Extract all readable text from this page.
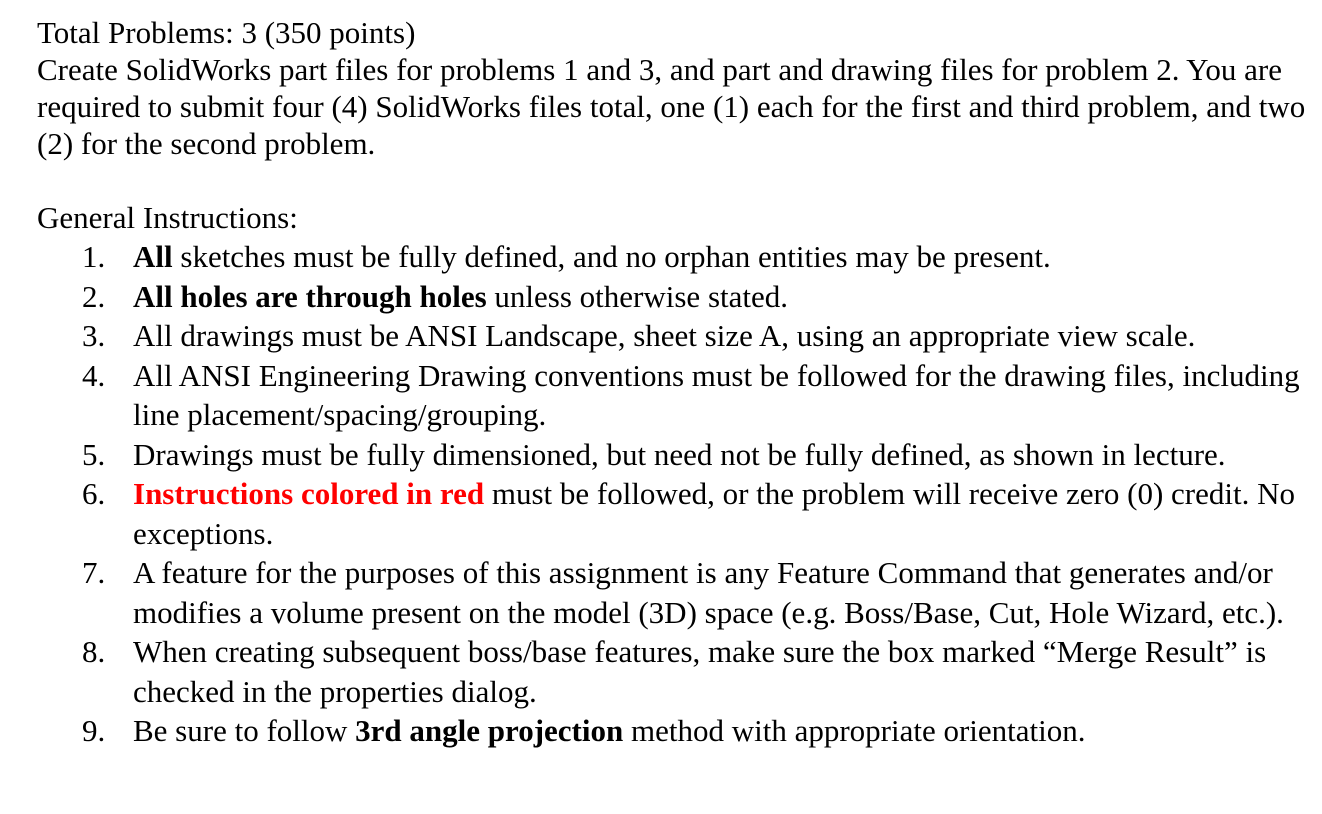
Total Problems: 3 (350 points)

Create SolidWorks part files for problems 1 and 3, and part and drawing files for problem 2. You are required to submit four (4) SolidWorks files total, one (1) each for the first and third problem, and two (2) for the second problem.

General Instructions:

1. All sketches must be fully defined, and no orphan entities may be present.
2. All holes are through holes unless otherwise stated.
3. All drawings must be ANSI Landscape, sheet size A, using an appropriate view scale.
4. All ANSI Engineering Drawing conventions must be followed for the drawing files, including line placement/spacing/grouping.
5. Drawings must be fully dimensioned, but need not be fully defined, as shown in lecture.
6. Instructions colored in red must be followed, or the problem will receive zero (0) credit. No exceptions.
7. A feature for the purposes of this assignment is any Feature Command that generates and/or modifies a volume present on the model (3D) space (e.g. Boss/Base, Cut, Hole Wizard, etc.).
8. When creating subsequent boss/base features, make sure the box marked “Merge Result” is checked in the properties dialog.
9. Be sure to follow 3rd angle projection method with appropriate orientation.
